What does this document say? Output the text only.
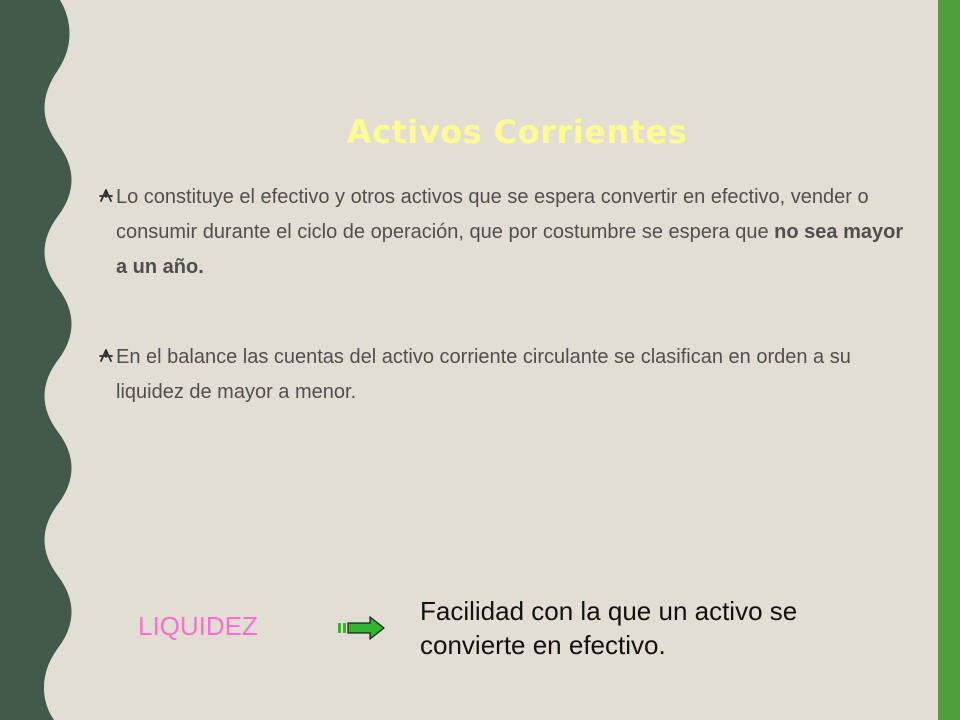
Activos Corrientes

Lo constituye el efectivo y otros activos que se espera convertir en efectivo, vender o consumir durante el ciclo de operación, que por costumbre se espera que no sea mayor a un año.

En el balance las cuentas del activo corriente circulante se clasifican en orden a su liquidez de mayor a menor.

LIQUIDEZ	Facilidad con la que un activo se convierte en efectivo.
